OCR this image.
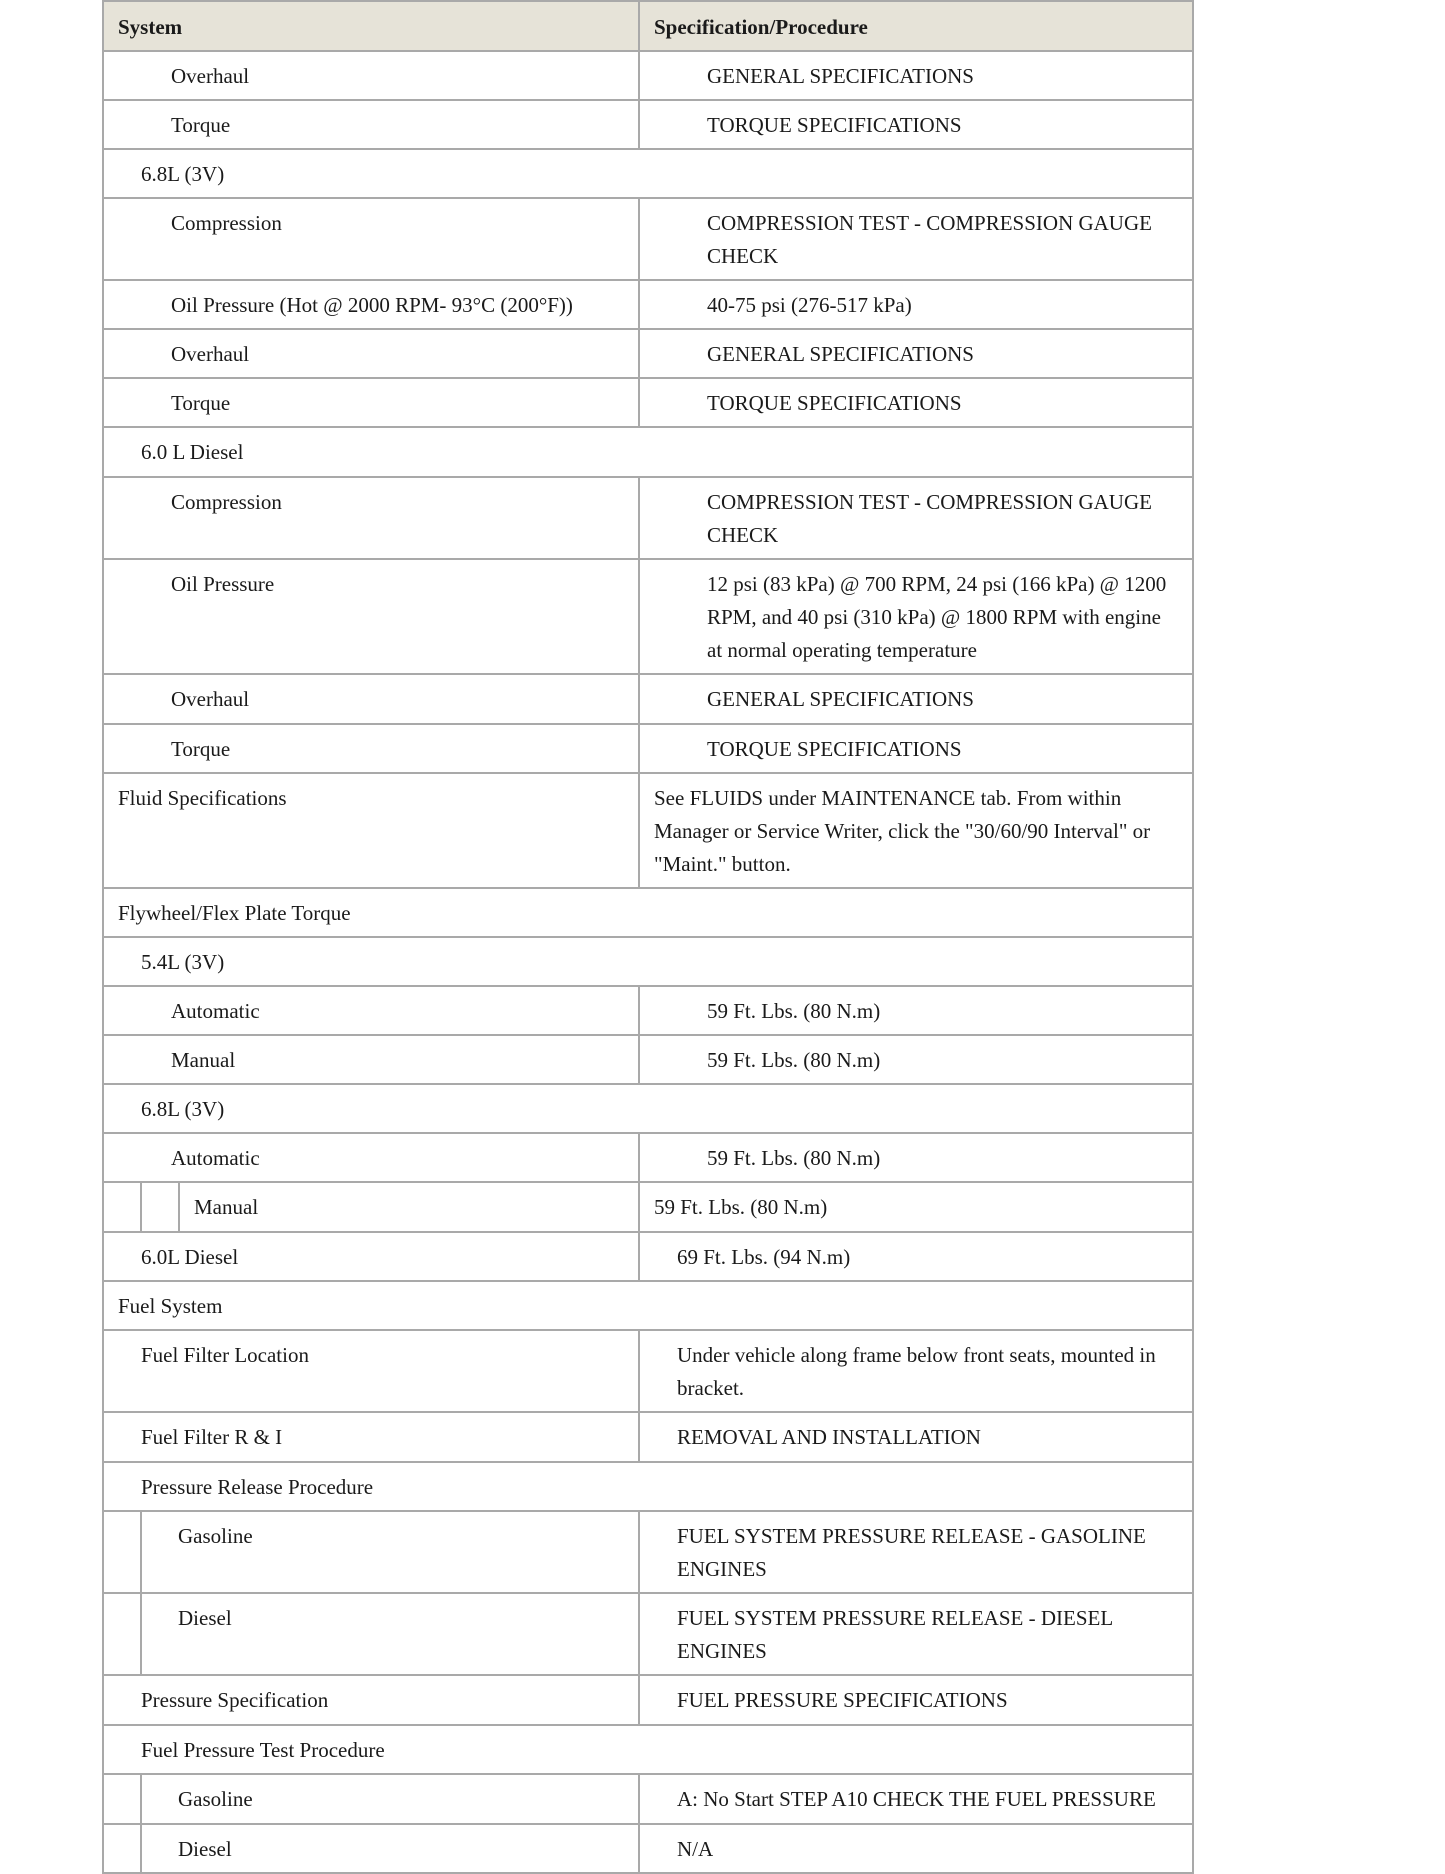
System	Specification/Procedure

Overhaul	GENERAL SPECIFICATIONS

Torque	TORQUE SPECIFICATIONS

6.8L (3V)	

Compression	COMPRESSION TEST - COMPRESSION GAUGE CHECK

Oil Pressure (Hot @ 2000 RPM- 93°C (200°F))	40-75 psi (276-517 kPa)

Overhaul	GENERAL SPECIFICATIONS

Torque	TORQUE SPECIFICATIONS

6.0 L Diesel	

Compression	COMPRESSION TEST - COMPRESSION GAUGE CHECK

Oil Pressure	12 psi (83 kPa) @ 700 RPM, 24 psi (166 kPa) @ 1200 RPM, and 40 psi (310 kPa) @ 1800 RPM with engine at normal operating temperature

Overhaul	GENERAL SPECIFICATIONS

Torque	TORQUE SPECIFICATIONS

Fluid Specifications	See FLUIDS under MAINTENANCE tab. From within Manager or Service Writer, click the "30/60/90 Interval" or "Maint." button.

Flywheel/Flex Plate Torque	

5.4L (3V)	

Automatic	59 Ft. Lbs. (80 N.m)

Manual	59 Ft. Lbs. (80 N.m)

6.8L (3V)	

Automatic	59 Ft. Lbs. (80 N.m)

Manual	59 Ft. Lbs. (80 N.m)

6.0L Diesel	69 Ft. Lbs. (94 N.m)

Fuel System	

Fuel Filter Location	Under vehicle along frame below front seats, mounted in bracket.

Fuel Filter R & I	REMOVAL AND INSTALLATION

Pressure Release Procedure	

Gasoline	FUEL SYSTEM PRESSURE RELEASE - GASOLINE ENGINES

Diesel	FUEL SYSTEM PRESSURE RELEASE - DIESEL ENGINES

Pressure Specification	FUEL PRESSURE SPECIFICATIONS

Fuel Pressure Test Procedure	

Gasoline	A: No Start STEP A10 CHECK THE FUEL PRESSURE

Diesel	N/A
